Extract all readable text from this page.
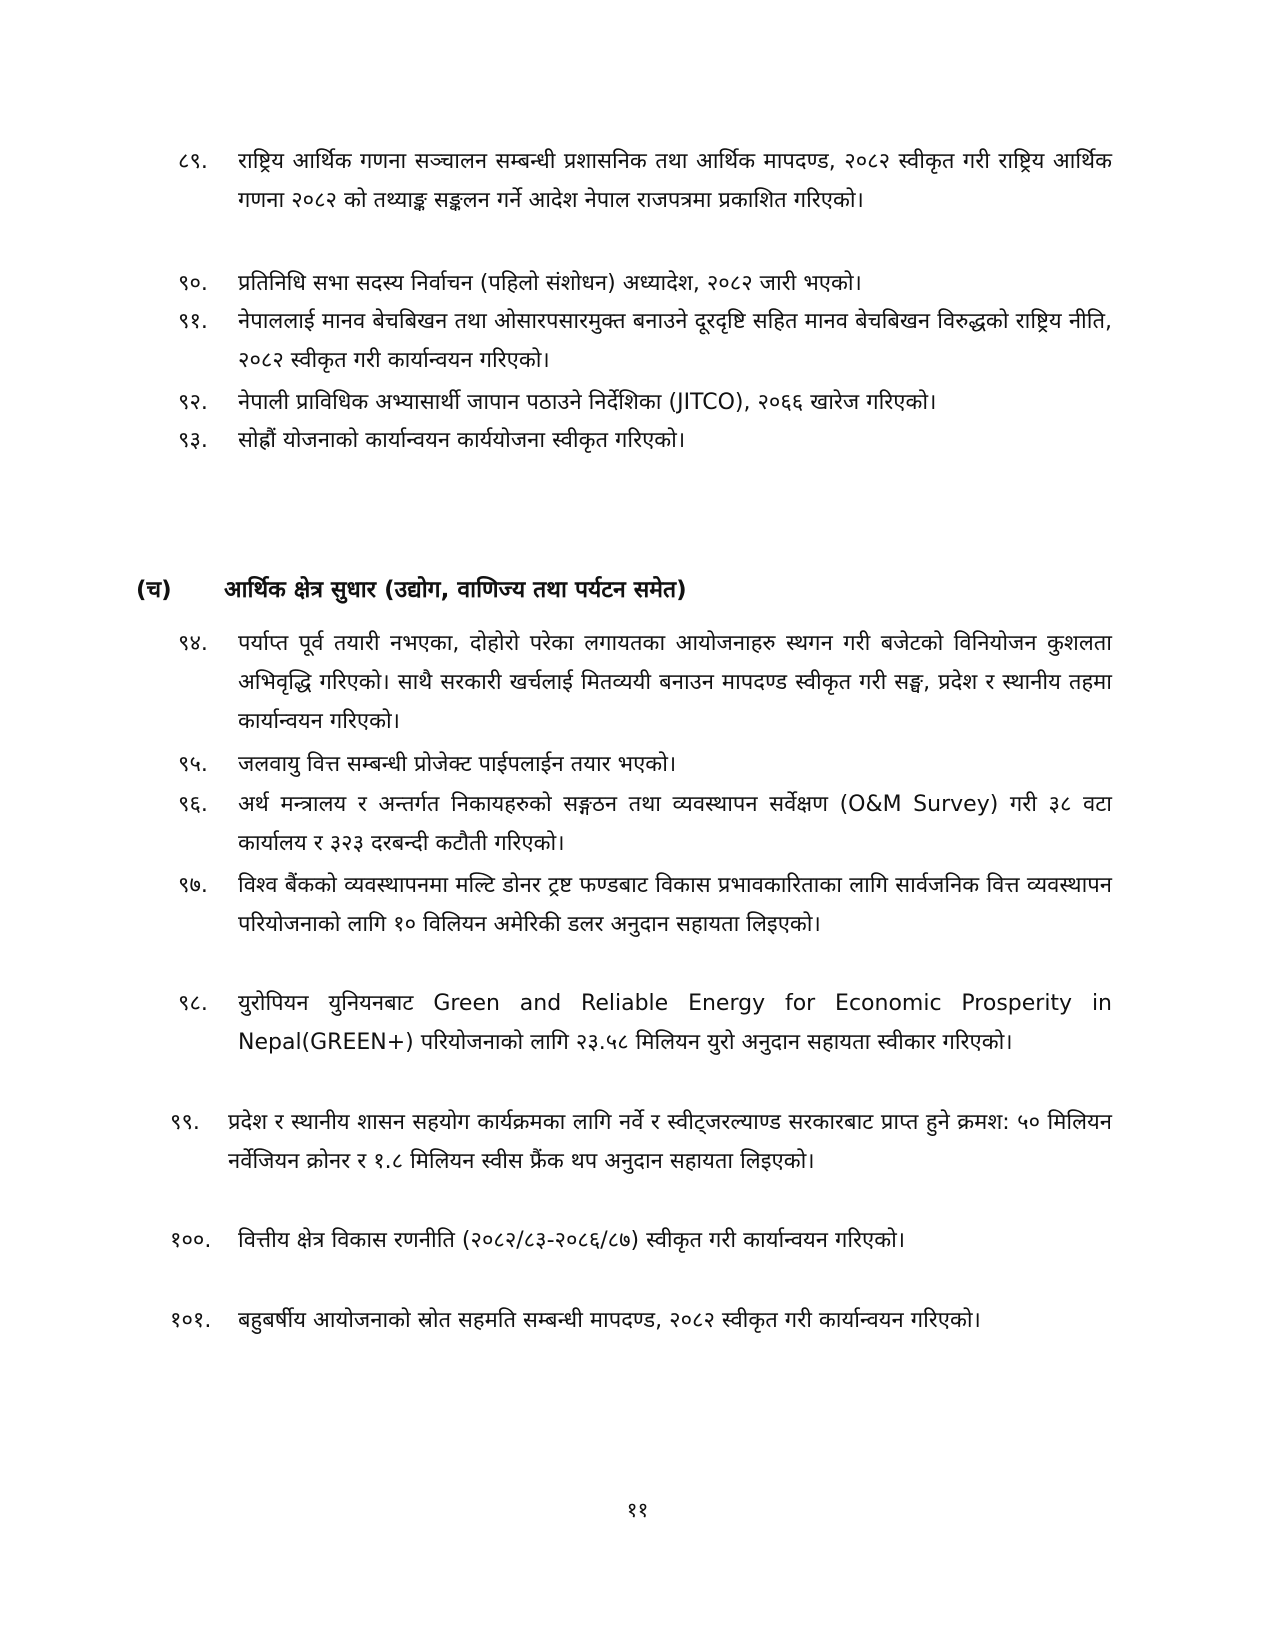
८९. राष्ट्रिय आर्थिक गणना सञ्चालन सम्बन्धी प्रशासनिक तथा आर्थिक मापदण्ड, २०८२ स्वीकृत गरी राष्ट्रिय आर्थिक गणना २०८२ को तथ्याङ्क सङ्कलन गर्ने आदेश नेपाल राजपत्रमा प्रकाशित गरिएको।
९०. प्रतिनिधि सभा सदस्य निर्वाचन (पहिलो संशोधन) अध्यादेश, २०८२ जारी भएको।
९१. नेपाललाई मानव बेचबिखन तथा ओसारपसारमुक्त बनाउने दूरदृष्टि सहित मानव बेचबिखन विरुद्धको राष्ट्रिय नीति, २०८२ स्वीकृत गरी कार्यान्वयन गरिएको।
९२. नेपाली प्राविधिक अभ्यासार्थी जापान पठाउने निर्देशिका (JITCO), २०६६ खारेज गरिएको।
९३. सोह्रौं योजनाको कार्यान्वयन कार्ययोजना स्वीकृत गरिएको।
(च) आर्थिक क्षेत्र सुधार (उद्योग, वाणिज्य तथा पर्यटन समेत)
९४. पर्याप्त पूर्व तयारी नभएका, दोहोरो परेका लगायतका आयोजनाहरु स्थगन गरी बजेटको विनियोजन कुशलता अभिवृद्धि गरिएको। साथै सरकारी खर्चलाई मितव्ययी बनाउन मापदण्ड स्वीकृत गरी सङ्घ, प्रदेश र स्थानीय तहमा कार्यान्वयन गरिएको।
९५. जलवायु वित्त सम्बन्धी प्रोजेक्ट पाईपलाईन तयार भएको।
९६. अर्थ मन्त्रालय र अन्तर्गत निकायहरुको सङ्गठन तथा व्यवस्थापन सर्वेक्षण (O&M Survey) गरी ३८ वटा कार्यालय र ३२३ दरबन्दी कटौती गरिएको।
९७. विश्व बैंकको व्यवस्थापनमा मल्टि डोनर ट्रष्ट फण्डबाट विकास प्रभावकारिताका लागि सार्वजनिक वित्त व्यवस्थापन परियोजनाको लागि १० विलियन अमेरिकी डलर अनुदान सहायता लिइएको।
९८. युरोपियन युनियनबाट Green and Reliable Energy for Economic Prosperity in Nepal(GREEN+) परियोजनाको लागि २३.५८ मिलियन युरो अनुदान सहायता स्वीकार गरिएको।
९९. प्रदेश र स्थानीय शासन सहयोग कार्यक्रमका लागि नर्वे र स्वीट्जरल्याण्ड सरकारबाट प्राप्त हुने क्रमश: ५० मिलियन नर्वेजियन क्रोनर र १.८ मिलियन स्वीस फ्रैंक थप अनुदान सहायता लिइएको।
१००. वित्तीय क्षेत्र विकास रणनीति (२०८२/८३-२०८६/८७) स्वीकृत गरी कार्यान्वयन गरिएको।
१०१. बहुबर्षीय आयोजनाको स्रोत सहमति सम्बन्धी मापदण्ड, २०८२ स्वीकृत गरी कार्यान्वयन गरिएको।
११
